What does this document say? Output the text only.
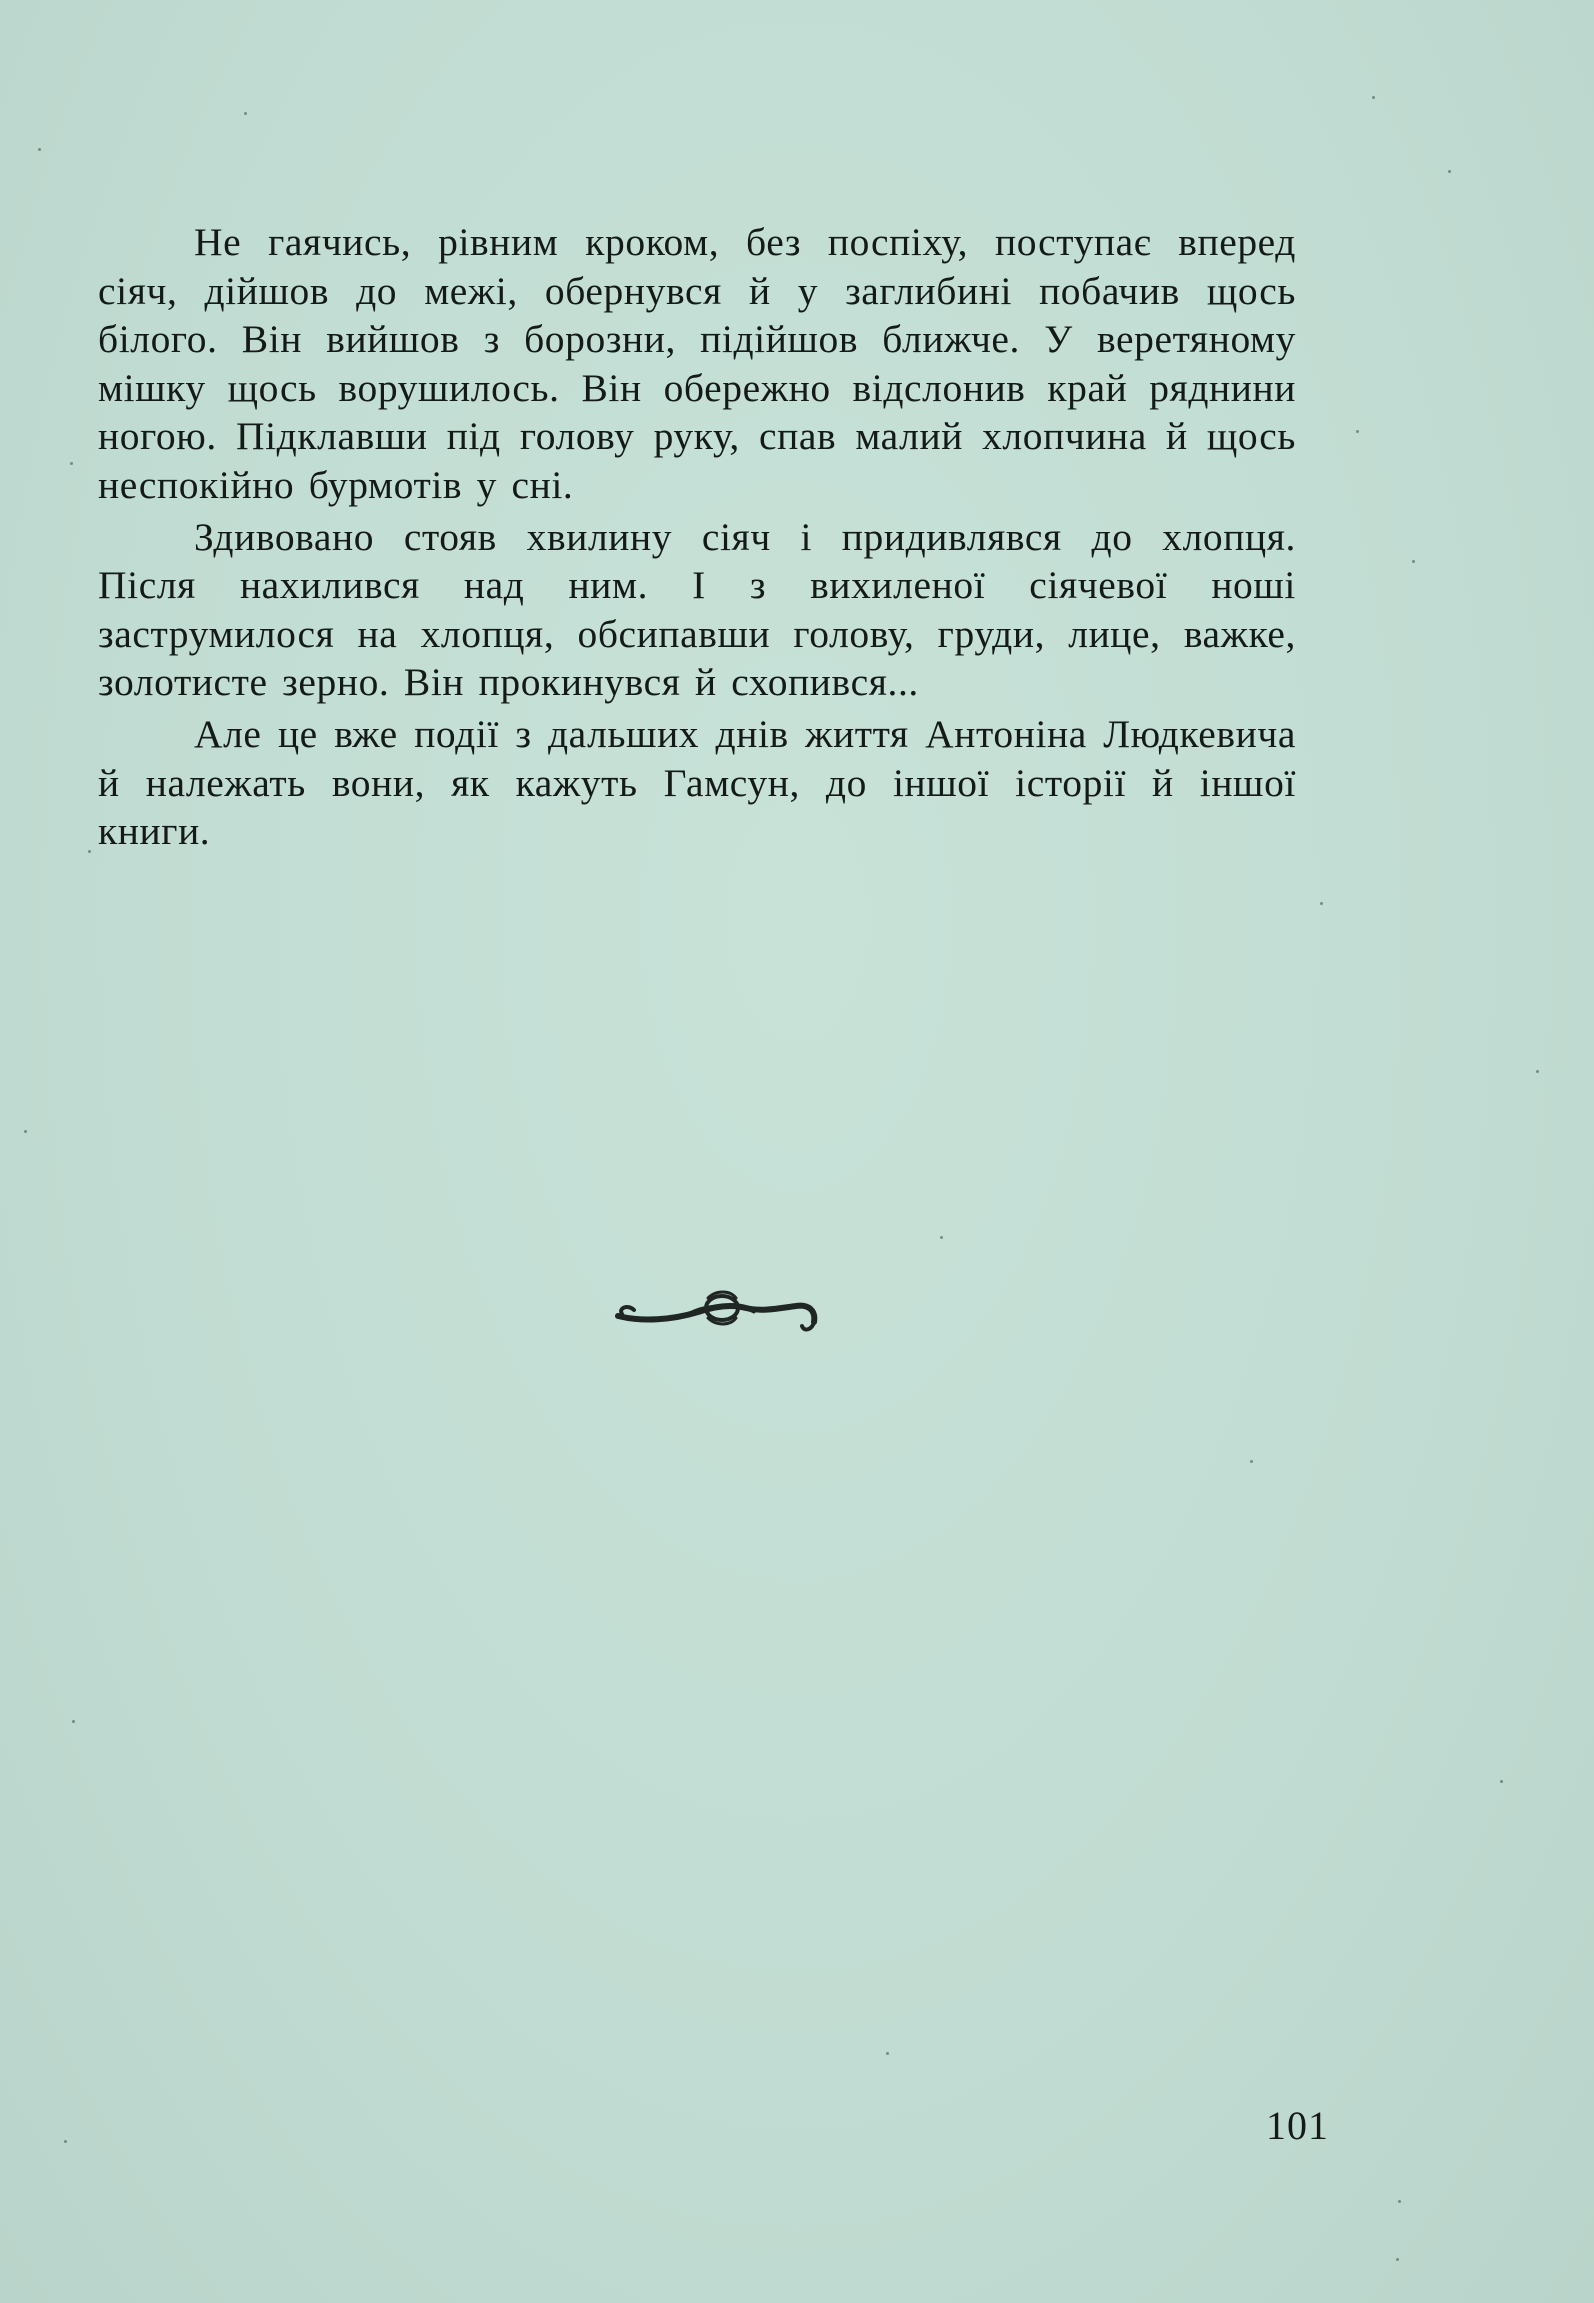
Не гаячись, рівним кроком, без поспіху, поступає вперед сіяч, дійшов до межі, обернувся й у заглибині побачив щось білого. Він вийшов з борозни, підійшов ближче. У веретяному мішку щось ворушилось. Він обережно відслонив край ряднини ногою. Підклавши під голову руку, спав малий хлопчина й щось неспокійно бурмотів у сні.

Здивовано стояв хвилину сіяч і придивлявся до хлопця. Після нахилився над ним. І з вихиленої сіячевої ноші заструмилося на хлопця, обсипавши голову, груди, лице, важке, золотисте зерно. Він прокинувся й схопився...

Але це вже події з дальших днів життя Антоніна Людкевича й належать вони, як кажуть Гамсун, до іншої історії й іншої книги.

101
